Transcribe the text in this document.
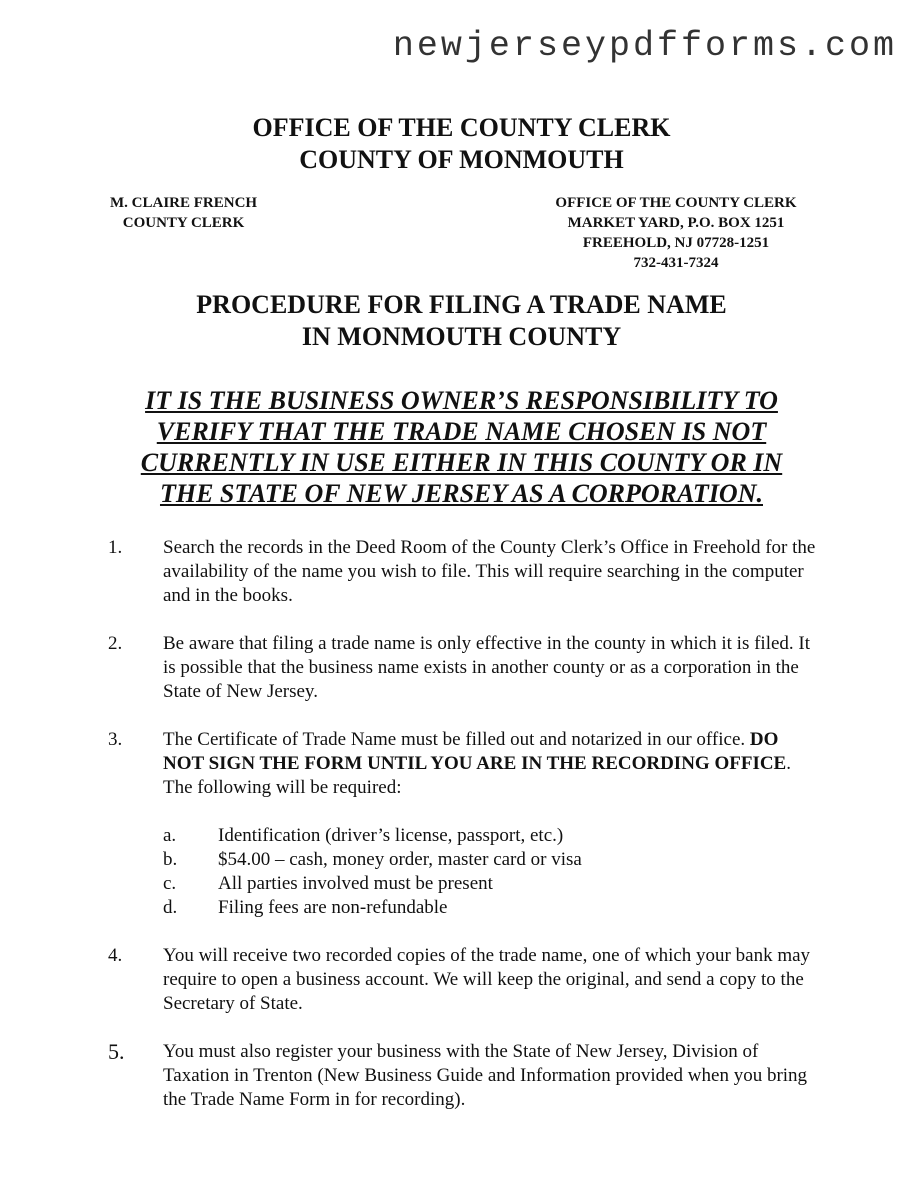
newjerseypdfforms.com
OFFICE OF THE COUNTY CLERK
COUNTY OF MONMOUTH
M. CLAIRE FRENCH
COUNTY CLERK
OFFICE OF THE COUNTY CLERK
MARKET YARD, P.O. BOX 1251
FREEHOLD, NJ 07728-1251
732-431-7324
PROCEDURE FOR FILING A TRADE NAME
IN MONMOUTH COUNTY
IT IS THE BUSINESS OWNER’S RESPONSIBILITY TO
VERIFY THAT THE TRADE NAME CHOSEN IS NOT
CURRENTLY IN USE EITHER IN THIS COUNTY OR IN
THE STATE OF NEW JERSEY AS A CORPORATION.
1. Search the records in the Deed Room of the County Clerk’s Office in Freehold for the availability of the name you wish to file. This will require searching in the computer and in the books.
2. Be aware that filing a trade name is only effective in the county in which it is filed. It is possible that the business name exists in another county or as a corporation in the State of New Jersey.
3. The Certificate of Trade Name must be filled out and notarized in our office. DO NOT SIGN THE FORM UNTIL YOU ARE IN THE RECORDING OFFICE. The following will be required:
a. Identification (driver’s license, passport, etc.)
b. $54.00 – cash, money order, master card or visa
c. All parties involved must be present
d. Filing fees are non-refundable
4. You will receive two recorded copies of the trade name, one of which your bank may require to open a business account. We will keep the original, and send a copy to the Secretary of State.
5. You must also register your business with the State of New Jersey, Division of Taxation in Trenton (New Business Guide and Information provided when you bring the Trade Name Form in for recording).
